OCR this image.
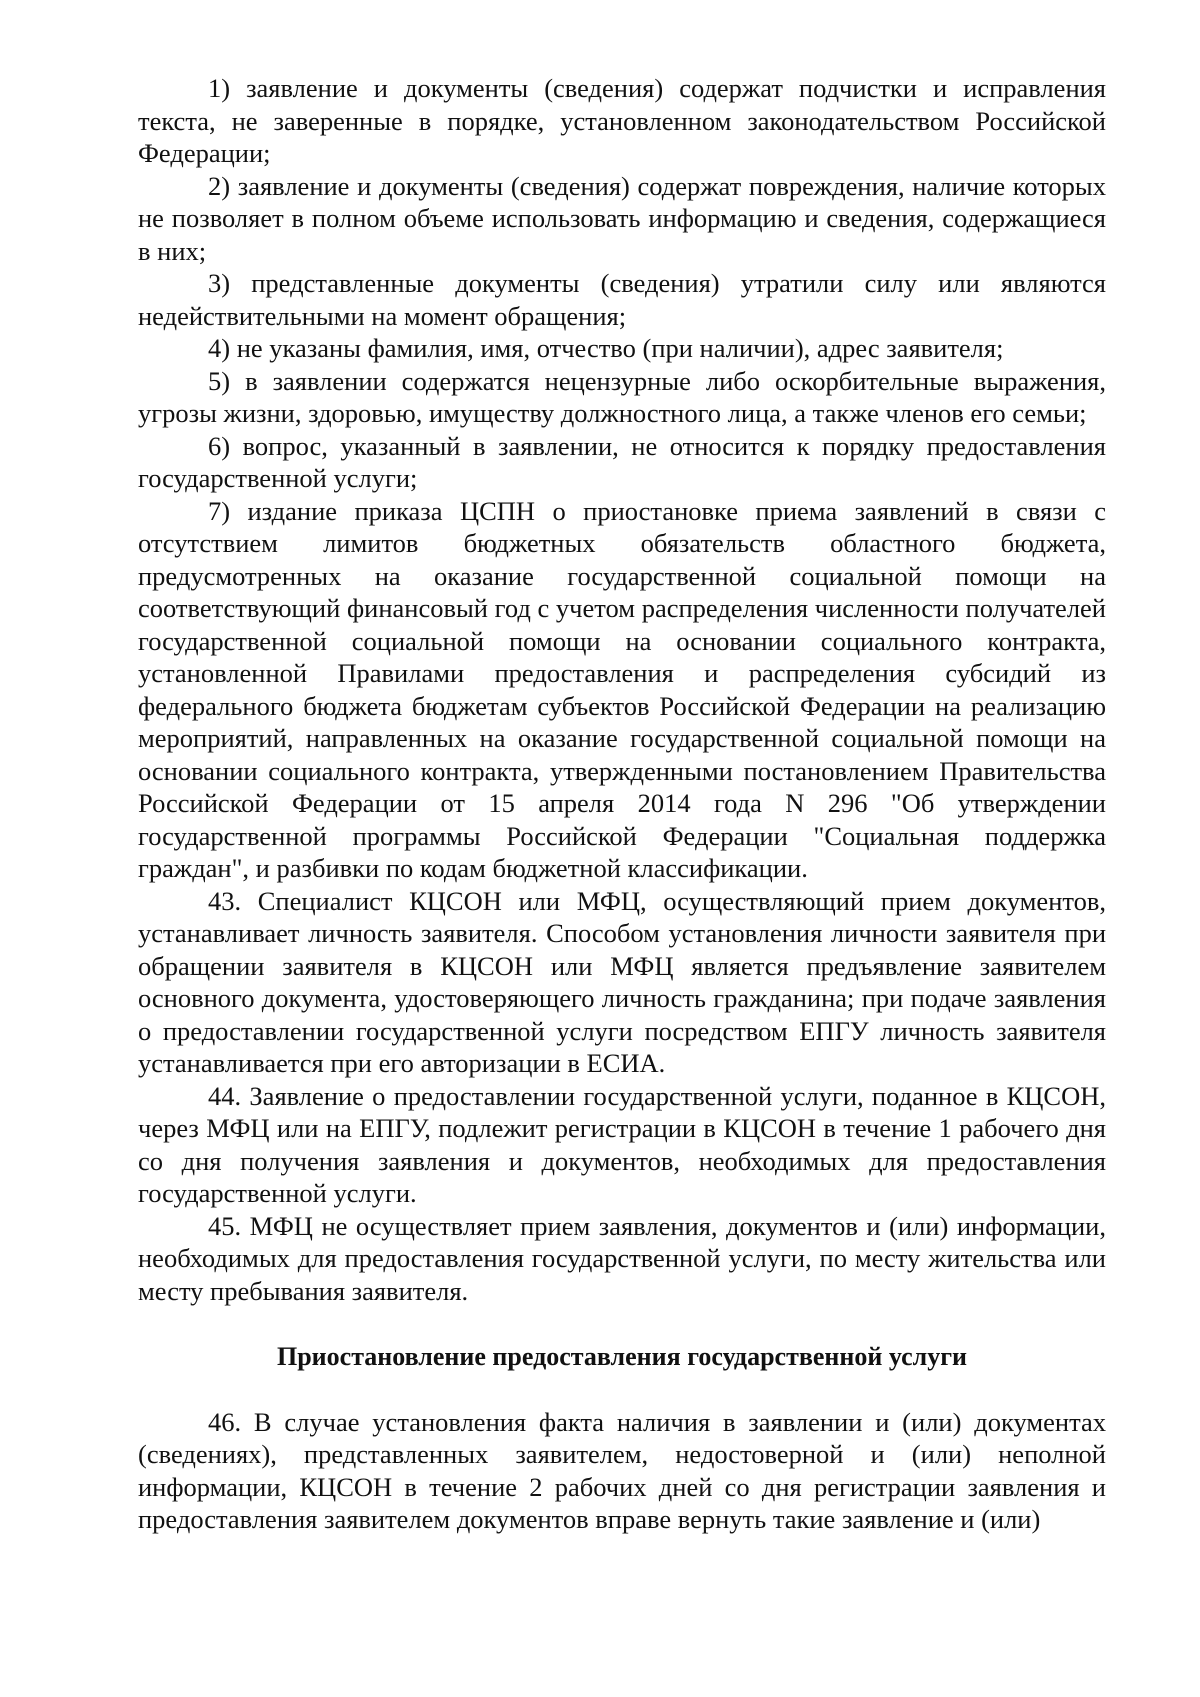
1) заявление и документы (сведения) содержат подчистки и исправления текста, не заверенные в порядке, установленном законодательством Российской Федерации;

2) заявление и документы (сведения) содержат повреждения, наличие которых не позволяет в полном объеме использовать информацию и сведения, содержащиеся в них;

3) представленные документы (сведения) утратили силу или являются недействительными на момент обращения;

4) не указаны фамилия, имя, отчество (при наличии), адрес заявителя;

5) в заявлении содержатся нецензурные либо оскорбительные выражения, угрозы жизни, здоровью, имуществу должностного лица, а также членов его семьи;

6) вопрос, указанный в заявлении, не относится к порядку предоставления государственной услуги;

7) издание приказа ЦСПН о приостановке приема заявлений в связи с отсутствием лимитов бюджетных обязательств областного бюджета, предусмотренных на оказание государственной социальной помощи на соответствующий финансовый год с учетом распределения численности получателей государственной социальной помощи на основании социального контракта, установленной Правилами предоставления и распределения субсидий из федерального бюджета бюджетам субъектов Российской Федерации на реализацию мероприятий, направленных на оказание государственной социальной помощи на основании социального контракта, утвержденными постановлением Правительства Российской Федерации от 15 апреля 2014 года N 296 "Об утверждении государственной программы Российской Федерации "Социальная поддержка граждан", и разбивки по кодам бюджетной классификации.

43. Специалист КЦСОН или МФЦ, осуществляющий прием документов, устанавливает личность заявителя. Способом установления личности заявителя при обращении заявителя в КЦСОН или МФЦ является предъявление заявителем основного документа, удостоверяющего личность гражданина; при подаче заявления о предоставлении государственной услуги посредством ЕПГУ личность заявителя устанавливается при его авторизации в ЕСИА.

44. Заявление о предоставлении государственной услуги, поданное в КЦСОН, через МФЦ или на ЕПГУ, подлежит регистрации в КЦСОН в течение 1 рабочего дня со дня получения заявления и документов, необходимых для предоставления государственной услуги.

45. МФЦ не осуществляет прием заявления, документов и (или) информации, необходимых для предоставления государственной услуги, по месту жительства или месту пребывания заявителя.

Приостановление предоставления государственной услуги

46. В случае установления факта наличия в заявлении и (или) документах (сведениях), представленных заявителем, недостоверной и (или) неполной информации, КЦСОН в течение 2 рабочих дней со дня регистрации заявления и предоставления заявителем документов вправе вернуть такие заявление и (или)
